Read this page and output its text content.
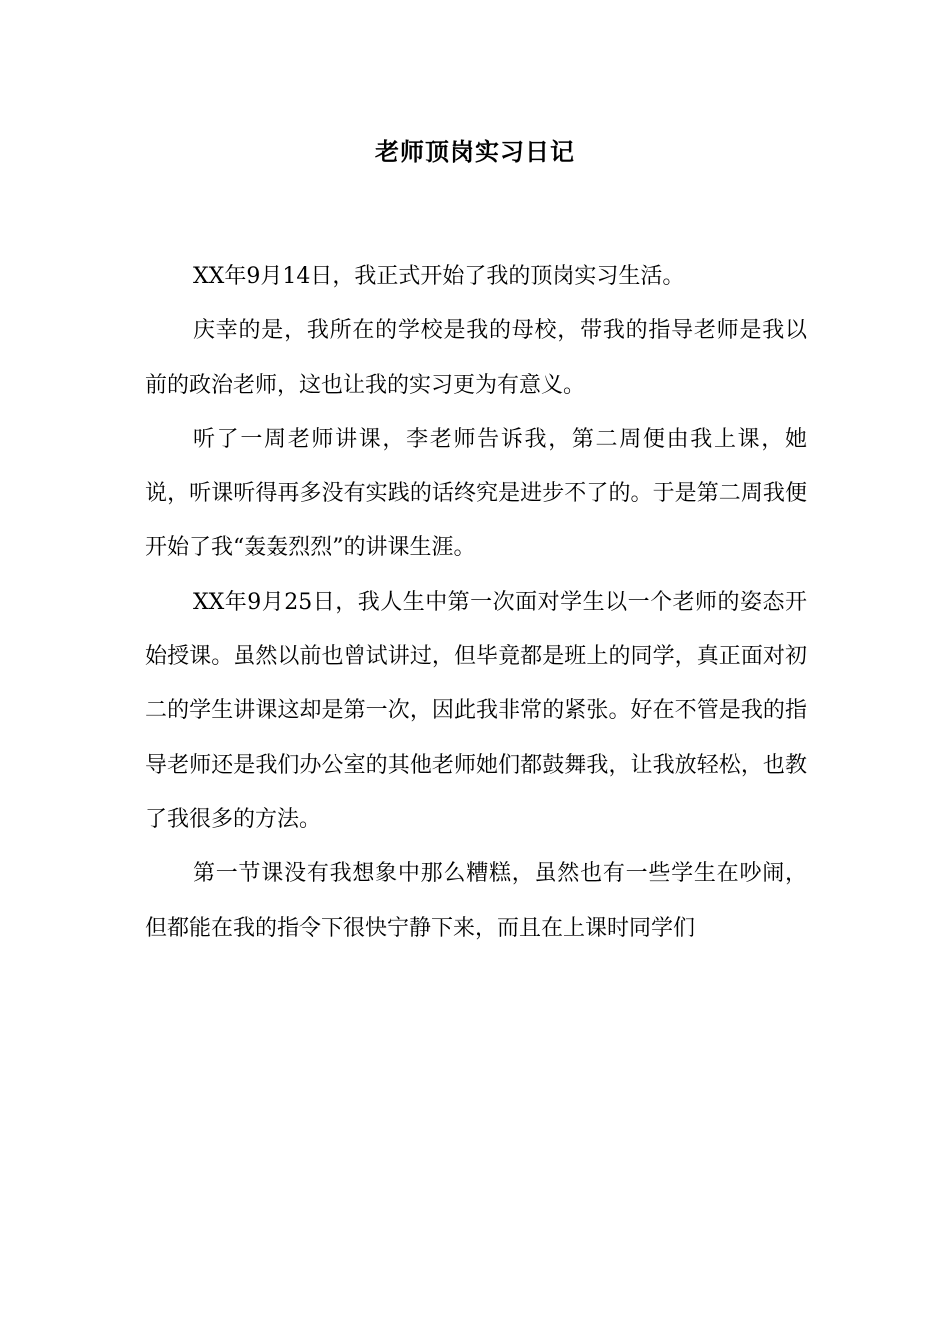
老师顶岗实习日记

XX年9月14日，我正式开始了我的顶岗实习生活。

庆幸的是，我所在的学校是我的母校，带我的指导老师是我以前的政治老师，这也让我的实习更为有意义。

听了一周老师讲课，李老师告诉我，第二周便由我上课，她说，听课听得再多没有实践的话终究是进步不了的。于是第二周我便开始了我“轰轰烈烈”的讲课生涯。

XX年9月25日，我人生中第一次面对学生以一个老师的姿态开始授课。虽然以前也曾试讲过，但毕竟都是班上的同学，真正面对初二的学生讲课这却是第一次，因此我非常的紧张。好在不管是我的指导老师还是我们办公室的其他老师她们都鼓舞我，让我放轻松，也教了我很多的方法。

第一节课没有我想象中那么糟糕，虽然也有一些学生在吵闹，但都能在我的指令下很快宁静下来，而且在上课时同学们
